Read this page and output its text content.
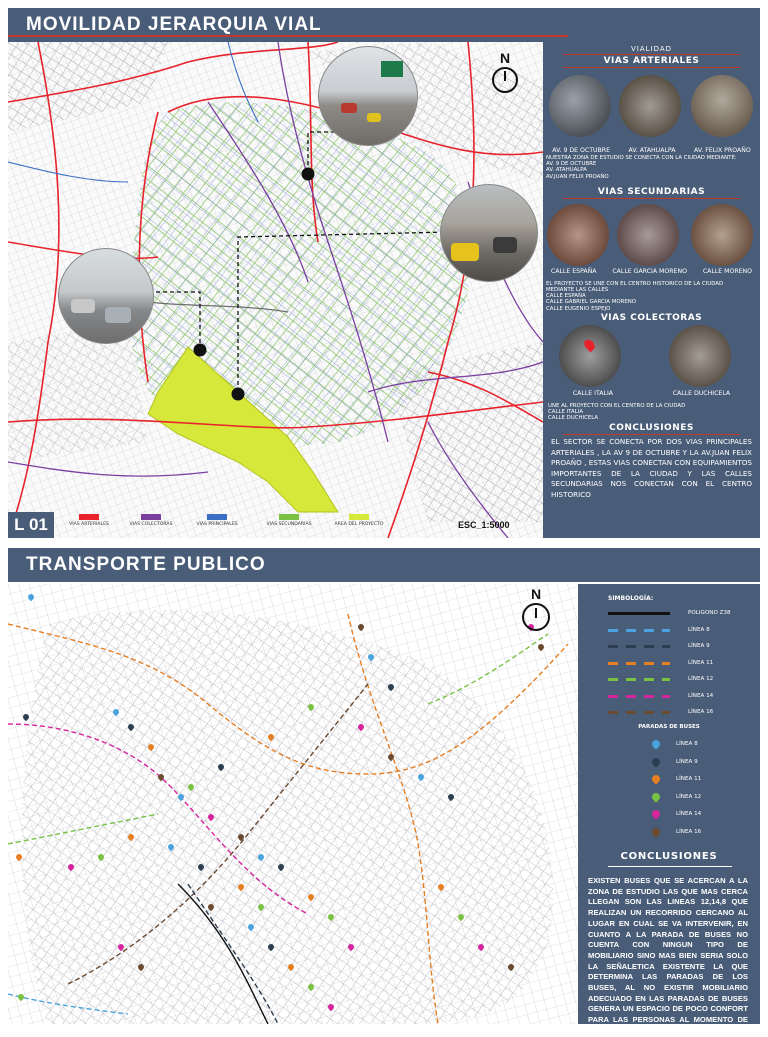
MOVILIDAD JERARQUIA VIAL
N
ESC_1:5000
L 01	VIAS ARTERIALES	VIAS COLECTORAS	VIAS PRINCIPALES	VIAS SECUNDARIAS	AREA DEL PROYECTO
VIALIDAD
VIAS ARTERIALES
AV. 9 DE OCTUBRE	AV. ATAHUALPA	AV. FELIX PROAÑO
NUESTRA ZONA DE ESTUDIO SE CONECTA CON LA CIUDAD MEDIANTE:
AV. 9 DE OCTUBRE
AV. ATAHUALPA
AV.JUAN FELIX PROAÑO
VIAS SECUNDARIAS
CALLE ESPAÑA	CALLE GARCIA MORENO	CALLE MORENO
EL PROYECTO SE UNE CON EL CENTRO HISTORICO DE LA CIUDAD
MEDIANTE LAS CALLES
CALLE ESPAÑA
CALLE GABRIEL GARCIA MORENO
CALLE EUGENIO ESPEJO
VIAS COLECTORAS
CALLE ITALIA	CALLE DUCHICELA
UNE AL PROYECTO CON EL CENTRO DE LA CIUDAD
CALLE ITALIA
CALLE DUCHICELA
CONCLUSIONES
EL SECTOR SE CONECTA POR DOS VIAS PRINCIPALES ARTERIALES , LA AV 9 DE OCTUBRE Y LA AV.JUAN FELIX PROAÑO , ESTAS VIAS CONECTAN CON EQUIPAMIENTOS IMPORTANTES DE LA CIUDAD Y LAS CALLES SECUNDARIAS NOS CONECTAN CON EL CENTRO HISTORICO
TRANSPORTE PUBLICO
N	SIMBOLOGÍA:
POLIGONO Z38
LÍNEA 8
LÍNEA 9
LÍNEA 11
LÍNEA 12
LÍNEA 14
LÍNEA 16
PARADAS DE BUSES
LÍNEA 8
LÍNEA 9
LÍNEA 11
LÍNEA 12
LÍNEA 14
LÍNEA 16
CONCLUSIONES
EXISTEN BUSES QUE SE ACERCAN A LA ZONA DE ESTUDIO LAS QUE MAS CERCA LLEGAN SON LAS LINEAS 12,14,8 QUE REALIZAN UN RECORRIDO CERCANO AL LUGAR EN CUAL SE VA INTERVENIR, EN CUANTO A LA PARADA DE BUSES NO CUENTA CON NINGUN TIPO DE MOBILIARIO SINO MAS BIEN SERIA SOLO LA SEÑALETICA EXISTENTE LA QUE DETERMINA LAS PARADAS DE LOS BUSES, AL NO EXISTIR MOBILIARIO ADECUADO EN LAS PARADAS DE BUSES GENERA UN ESPACIO DE POCO CONFORT PARA LAS PERSONAS AL MOMENTO DE ACCEDER AL
